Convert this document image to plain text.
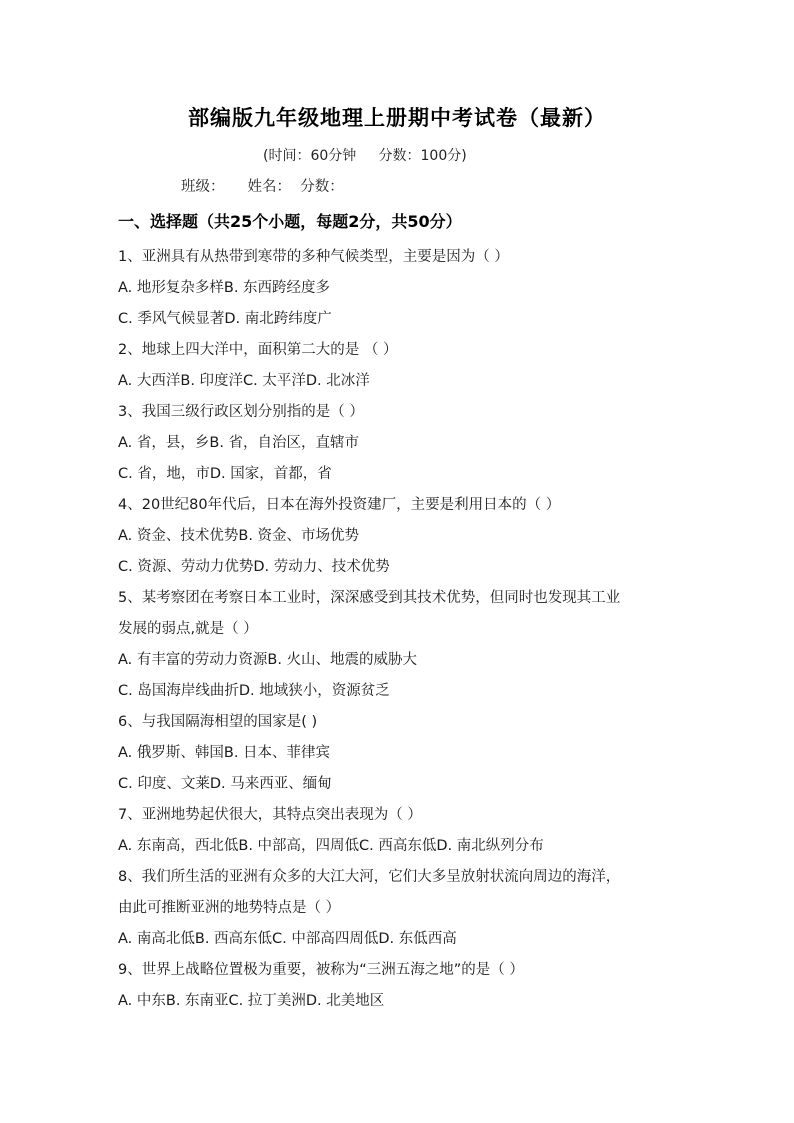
部编版九年级地理上册期中考试卷（最新）
(时间：60分钟     分数：100分)
班级：     姓名：  分数：
一、选择题（共25个小题，每题2分，共50分）
1、亚洲具有从热带到寒带的多种气候类型，主要是因为（ ）
A. 地形复杂多样B. 东西跨经度多
C. 季风气候显著D. 南北跨纬度广
2、地球上四大洋中，面积第二大的是 （ ）
A. 大西洋B. 印度洋C. 太平洋D. 北冰洋
3、我国三级行政区划分别指的是（ ）
A. 省，县，乡B. 省，自治区，直辖市
C. 省，地，市D. 国家，首都，省
4、20世纪80年代后，日本在海外投资建厂，主要是利用日本的（ ）
A. 资金、技术优势B. 资金、市场优势
C. 资源、劳动力优势D. 劳动力、技术优势
5、某考察团在考察日本工业时，深深感受到其技术优势，但同时也发现其工业
发展的弱点,就是（ ）
A. 有丰富的劳动力资源B. 火山、地震的威胁大
C. 岛国海岸线曲折D. 地域狭小，资源贫乏
6、与我国隔海相望的国家是( )
A. 俄罗斯、韩国B. 日本、菲律宾
C. 印度、文莱D. 马来西亚、缅甸
7、亚洲地势起伏很大，其特点突出表现为（ ）
A. 东南高，西北低B. 中部高，四周低C. 西高东低D. 南北纵列分布
8、我们所生活的亚洲有众多的大江大河，它们大多呈放射状流向周边的海洋，
由此可推断亚洲的地势特点是（ ）
A. 南高北低B. 西高东低C. 中部高四周低D. 东低西高
9、世界上战略位置极为重要，被称为“三洲五海之地”的是（ ）
A. 中东B. 东南亚C. 拉丁美洲D. 北美地区
